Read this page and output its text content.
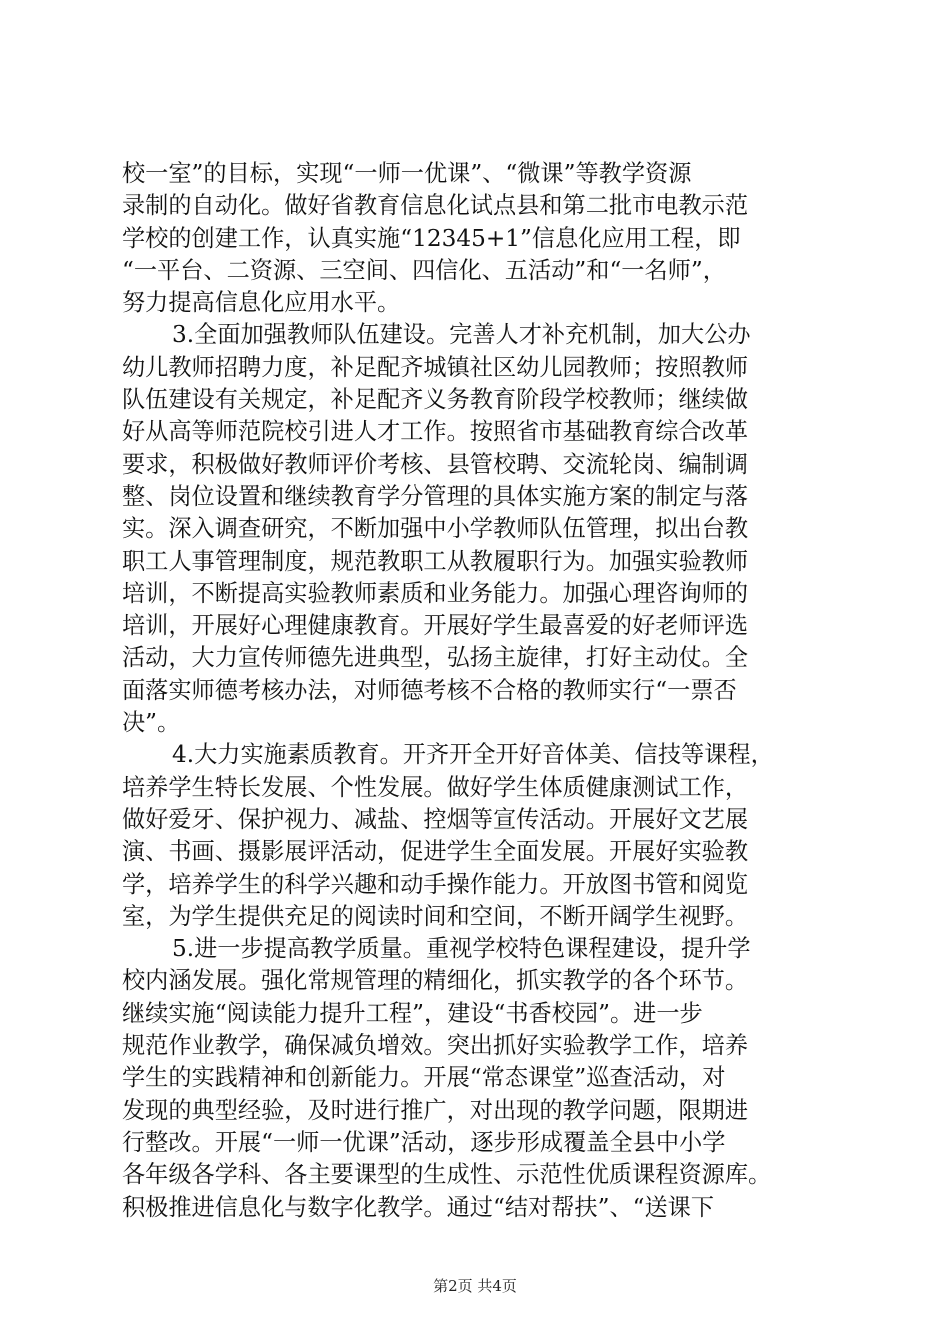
校一室”的目标，实现“一师一优课”、“微课”等教学资源
录制的自动化。做好省教育信息化试点县和第二批市电教示范
学校的创建工作，认真实施“12345+1”信息化应用工程，即
“一平台、二资源、三空间、四信化、五活动”和“一名师”，
努力提高信息化应用水平。
3.全面加强教师队伍建设。完善人才补充机制，加大公办
幼儿教师招聘力度，补足配齐城镇社区幼儿园教师；按照教师
队伍建设有关规定，补足配齐义务教育阶段学校教师；继续做
好从高等师范院校引进人才工作。按照省市基础教育综合改革
要求，积极做好教师评价考核、县管校聘、交流轮岗、编制调
整、岗位设置和继续教育学分管理的具体实施方案的制定与落
实。深入调查研究，不断加强中小学教师队伍管理，拟出台教
职工人事管理制度，规范教职工从教履职行为。加强实验教师
培训，不断提高实验教师素质和业务能力。加强心理咨询师的
培训，开展好心理健康教育。开展好学生最喜爱的好老师评选
活动，大力宣传师德先进典型，弘扬主旋律，打好主动仗。全
面落实师德考核办法，对师德考核不合格的教师实行“一票否
决”。
4.大力实施素质教育。开齐开全开好音体美、信技等课程，
培养学生特长发展、个性发展。做好学生体质健康测试工作，
做好爱牙、保护视力、减盐、控烟等宣传活动。开展好文艺展
演、书画、摄影展评活动，促进学生全面发展。开展好实验教
学，培养学生的科学兴趣和动手操作能力。开放图书管和阅览
室，为学生提供充足的阅读时间和空间，不断开阔学生视野。
5.进一步提高教学质量。重视学校特色课程建设，提升学
校内涵发展。强化常规管理的精细化，抓实教学的各个环节。
继续实施“阅读能力提升工程”，建设“书香校园”。进一步
规范作业教学，确保减负增效。突出抓好实验教学工作，培养
学生的实践精神和创新能力。开展“常态课堂”巡查活动，对
发现的典型经验，及时进行推广，对出现的教学问题，限期进
行整改。开展“一师一优课”活动，逐步形成覆盖全县中小学
各年级各学科、各主要课型的生成性、示范性优质课程资源库。
积极推进信息化与数字化教学。通过“结对帮扶”、“送课下
第2页 共4页
